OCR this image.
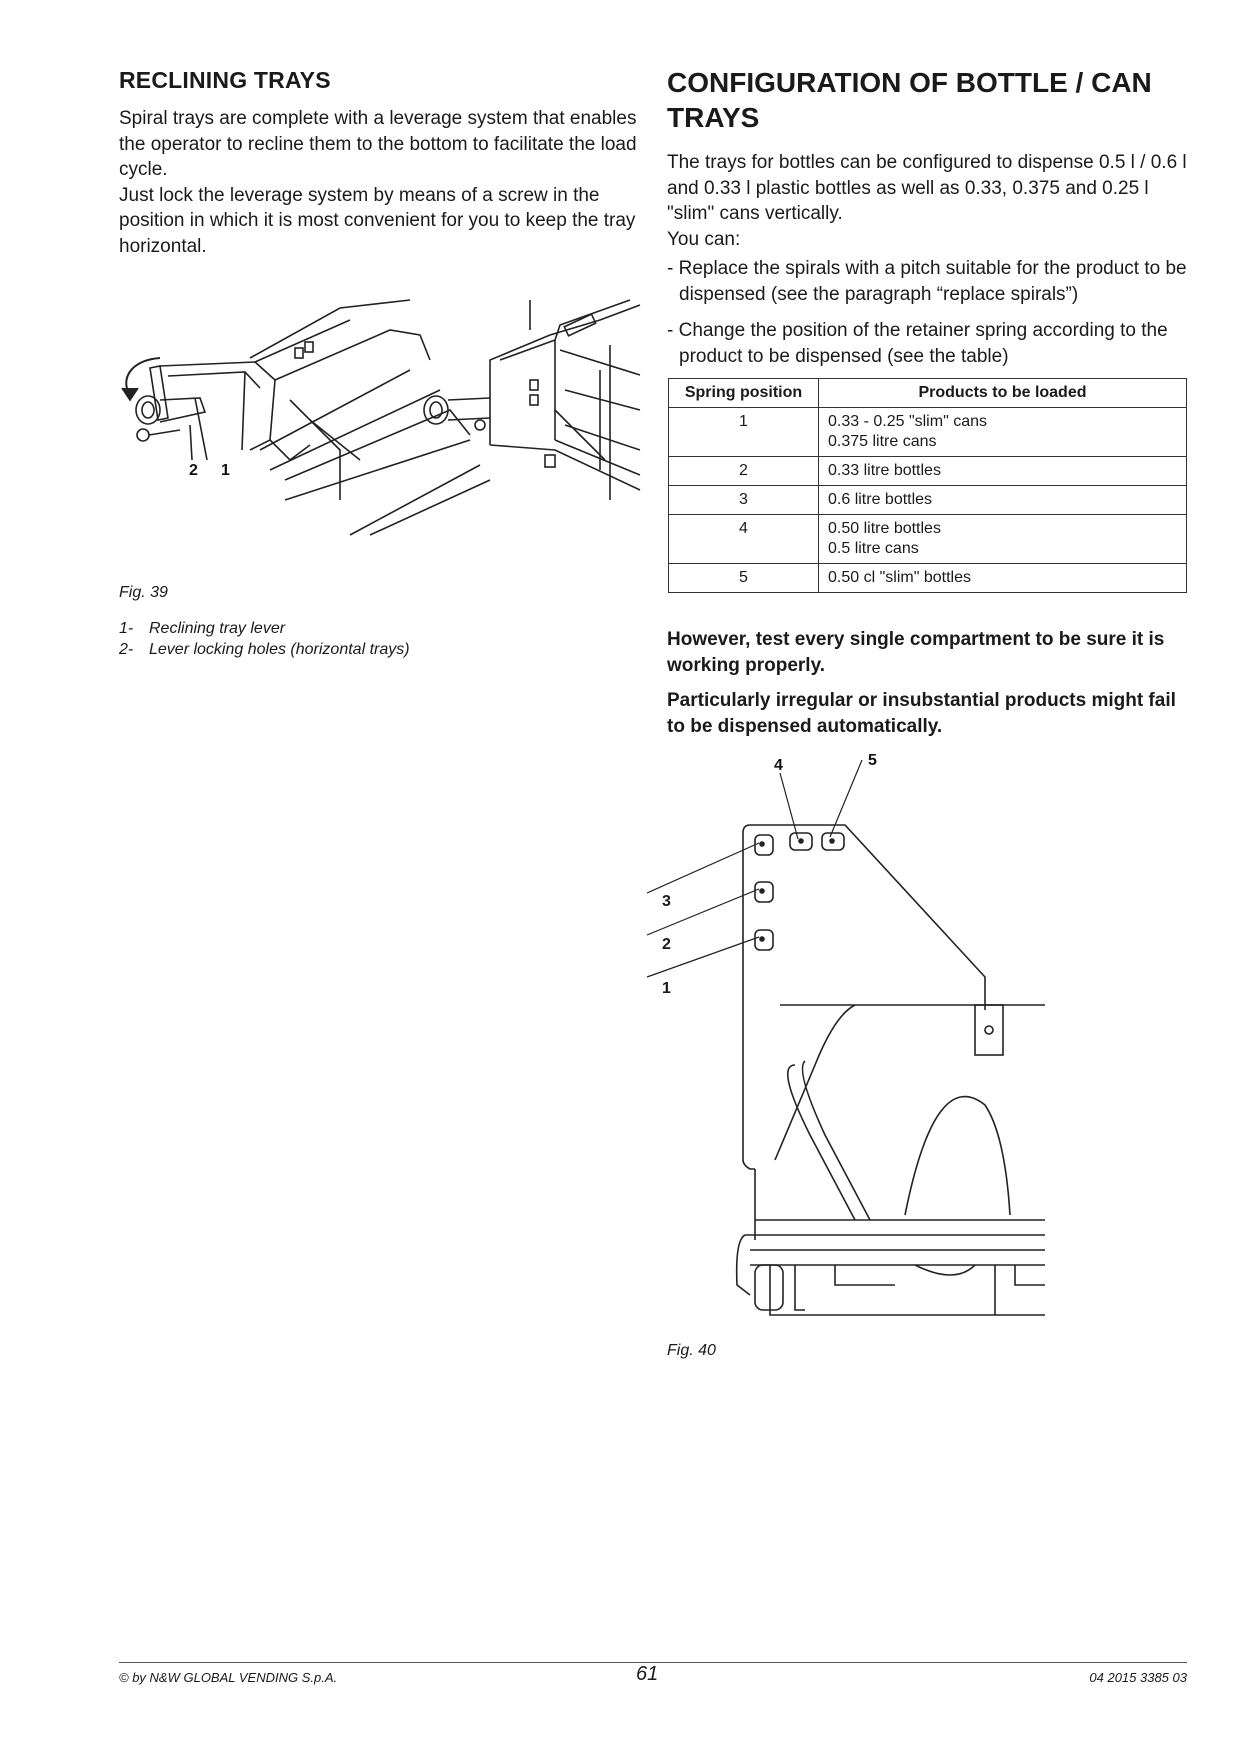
RECLINING TRAYS
Spiral trays are complete with a leverage system that enables the operator to recline them to the bottom to facilitate the load cycle.
Just lock the leverage system by means of a screw in the position in which it is most convenient for you to keep the tray horizontal.
2 1
Fig. 39
1- Reclining tray lever
2- Lever locking holes (horizontal trays)
CONFIGURATION OF BOTTLE / CAN TRAYS
The trays for bottles can be configured to dispense 0.5 l / 0.6 l and 0.33 l plastic bottles as well as 0.33, 0.375 and 0.25 l "slim" cans vertically.
You can:
- Replace the spirals with a pitch suitable for the product to be dispensed (see the paragraph “replace spirals”)
- Change the position of the retainer spring according to the product to be dispensed (see the table)
Spring position	Products to be loaded
1	0.33 - 0.25 "slim" cans
0.375 litre cans

2	0.33 litre bottles

3	0.6 litre bottles

4	0.50 litre bottles
0.5 litre cans

5	0.50 cl "slim" bottles
However, test every single compartment to be sure it is working properly.
Particularly irregular or insubstantial products might fail to be dispensed automatically.
4	5
3
2
1
Fig. 40
© by N&W GLOBAL VENDING S.p.A.	61	04 2015 3385 03
